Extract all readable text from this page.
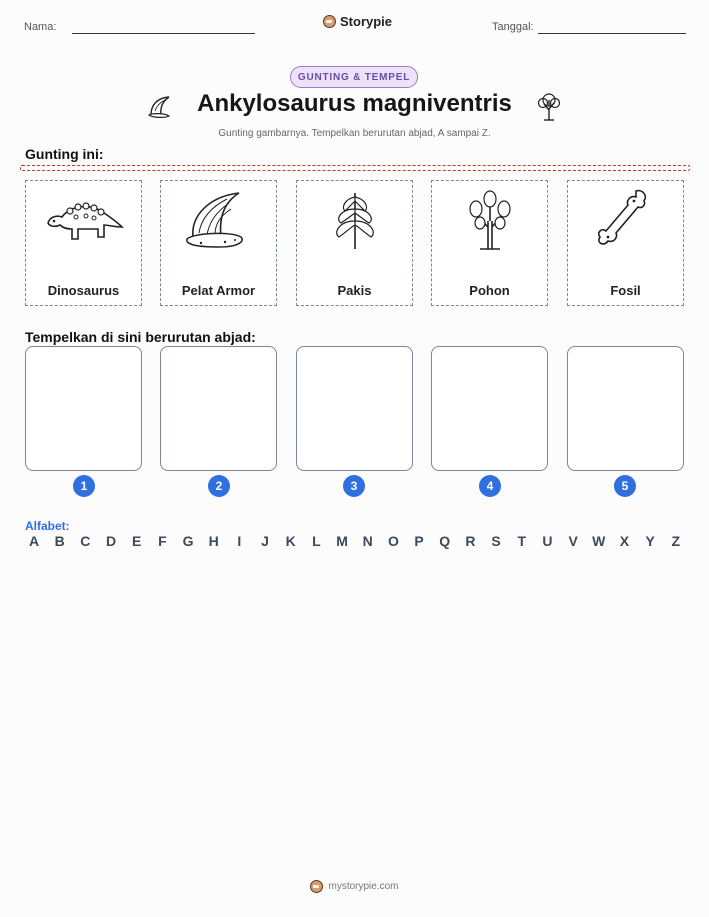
Nama:	Storypie	Tanggal:
GUNTING & TEMPEL
Ankylosaurus magniventris
Gunting gambarnya. Tempelkan berurutan abjad, A sampai Z.
Gunting ini:
Dinosaurus	Pelat Armor	Pakis	Pohon	Fosil
Tempelkan di sini berurutan abjad:
1	2	3	4	5
Alfabet:
A B C D	E	F	G H	I	J	K	L	M N O	P	Q R	S	T	U	V	W	X	Y	Z
mystorypie.com
